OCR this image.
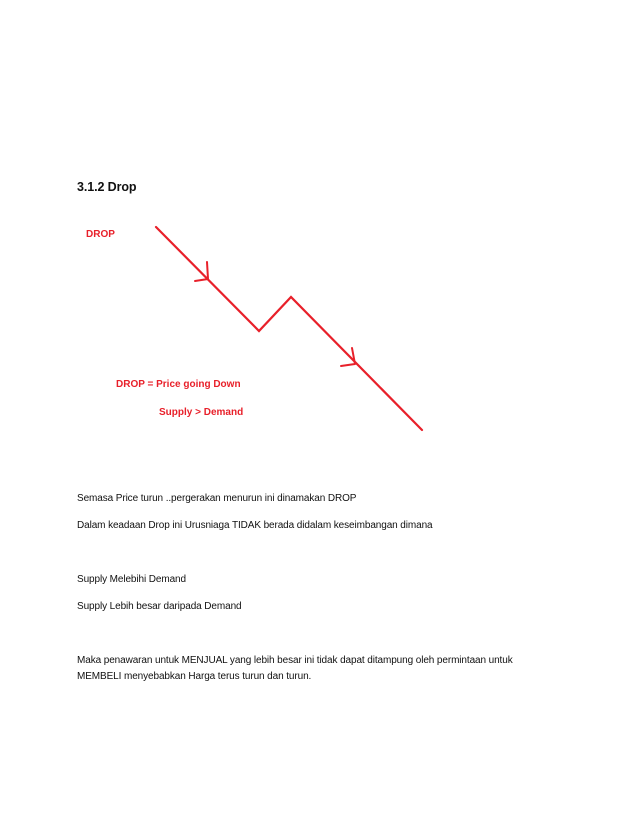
3.1.2 Drop
DROP
DROP = Price going Down
Supply > Demand
Semasa Price turun ..pergerakan menurun ini dinamakan DROP
Dalam keadaan Drop ini Urusniaga TIDAK berada didalam keseimbangan dimana
Supply Melebihi Demand
Supply Lebih besar daripada Demand
Maka penawaran untuk MENJUAL yang lebih besar ini tidak dapat ditampung oleh permintaan untuk
MEMBELI menyebabkan Harga terus turun dan turun.
